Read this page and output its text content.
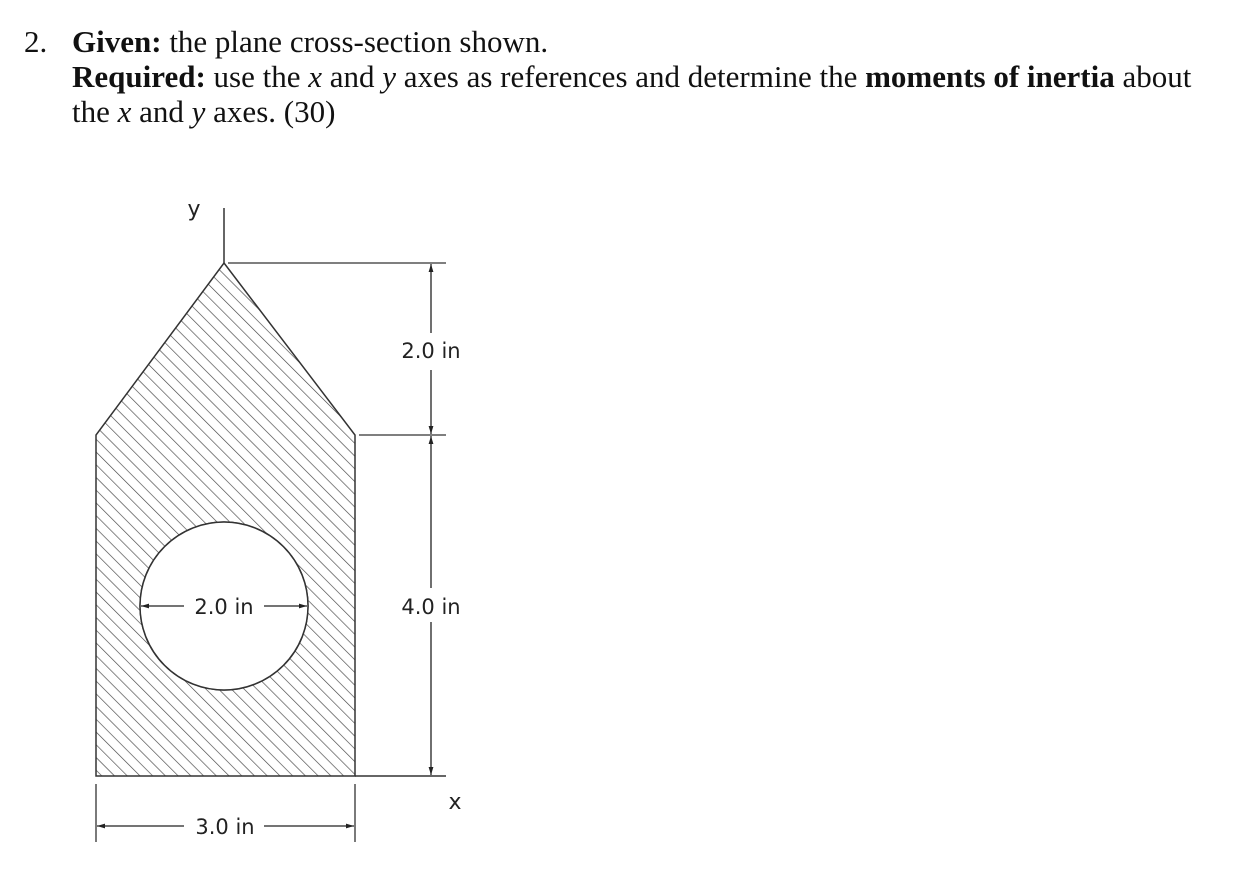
2. Given: the plane cross-section shown.
Required: use the x and y axes as references and determine the moments of inertia about
the x and y axes. (30)
y
x
2.0 in
4.0 in
2.0 in
3.0 in
